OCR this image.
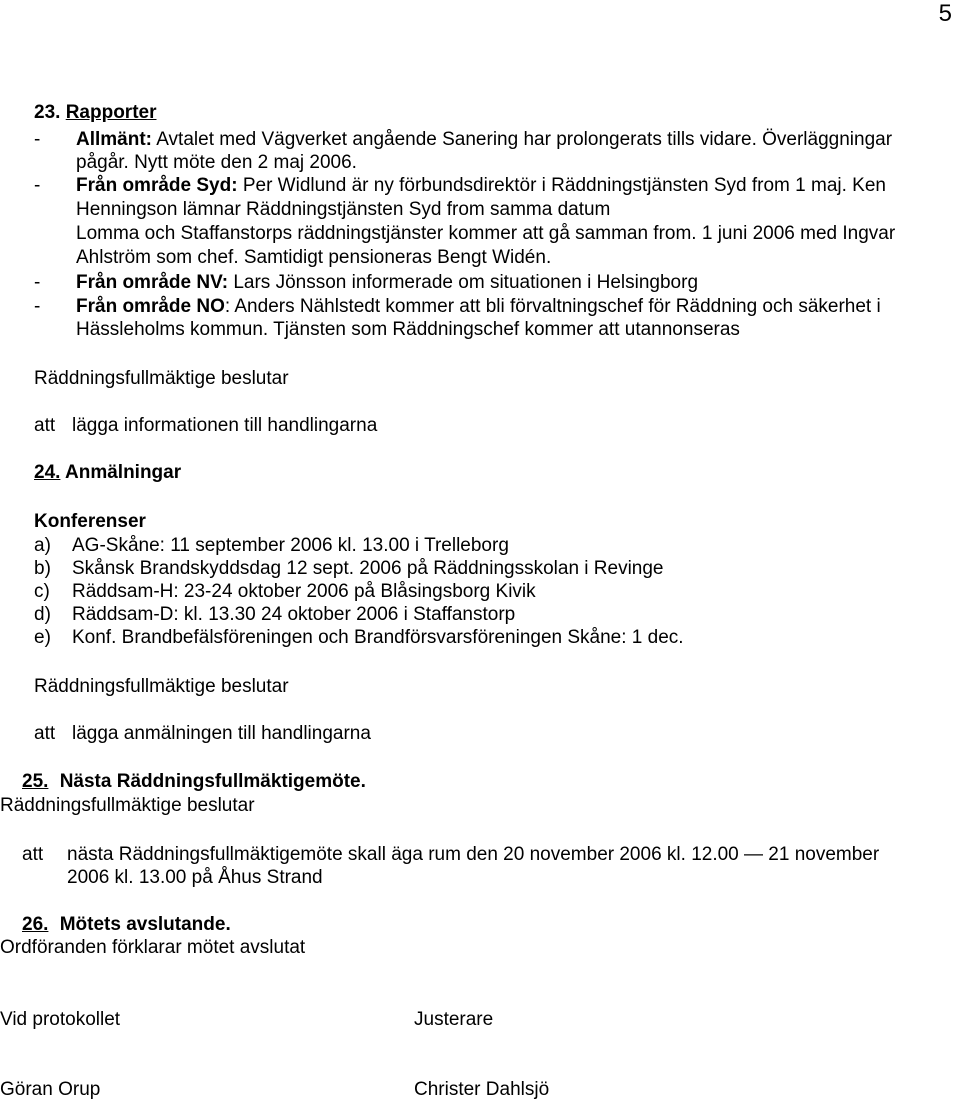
5
23. Rapporter
- Allmänt: Avtalet med Vägverket angående Sanering har prolongerats tills vidare. Överläggningar
pågår. Nytt möte den 2 maj 2006.
- Från område Syd: Per Widlund är ny förbundsdirektör i Räddningstjänsten Syd from 1 maj. Ken
Henningson lämnar Räddningstjänsten Syd from samma datum
Lomma och Staffanstorps räddningstjänster kommer att gå samman from. 1 juni 2006 med Ingvar
Ahlström som chef. Samtidigt pensioneras Bengt Widén.
- Från område NV: Lars Jönsson informerade om situationen i Helsingborg
- Från område NO: Anders Nählstedt kommer att bli förvaltningschef för Räddning och säkerhet i
Hässleholms kommun. Tjänsten som Räddningschef kommer att utannonseras
Räddningsfullmäktige beslutar
att lägga informationen till handlingarna
24. Anmälningar
Konferenser
a) AG-Skåne: 11 september 2006 kl. 13.00 i Trelleborg
b) Skånsk Brandskyddsdag 12 sept. 2006 på Räddningsskolan i Revinge
c) Räddsam-H: 23-24 oktober 2006 på Blåsingsborg Kivik
d) Räddsam-D: kl. 13.30 24 oktober 2006 i Staffanstorp
e) Konf. Brandbefälsföreningen och Brandförsvarsföreningen Skåne: 1 dec.
Räddningsfullmäktige beslutar
att lägga anmälningen till handlingarna
25. Nästa Räddningsfullmäktigemöte.
Räddningsfullmäktige beslutar
att nästa Räddningsfullmäktigemöte skall äga rum den 20 november 2006 kl. 12.00 — 21 november
2006 kl. 13.00 på Åhus Strand
26. Mötets avslutande.
Ordföranden förklarar mötet avslutat
Vid protokollet	Justerare
Göran Orup	Christer Dahlsjö
